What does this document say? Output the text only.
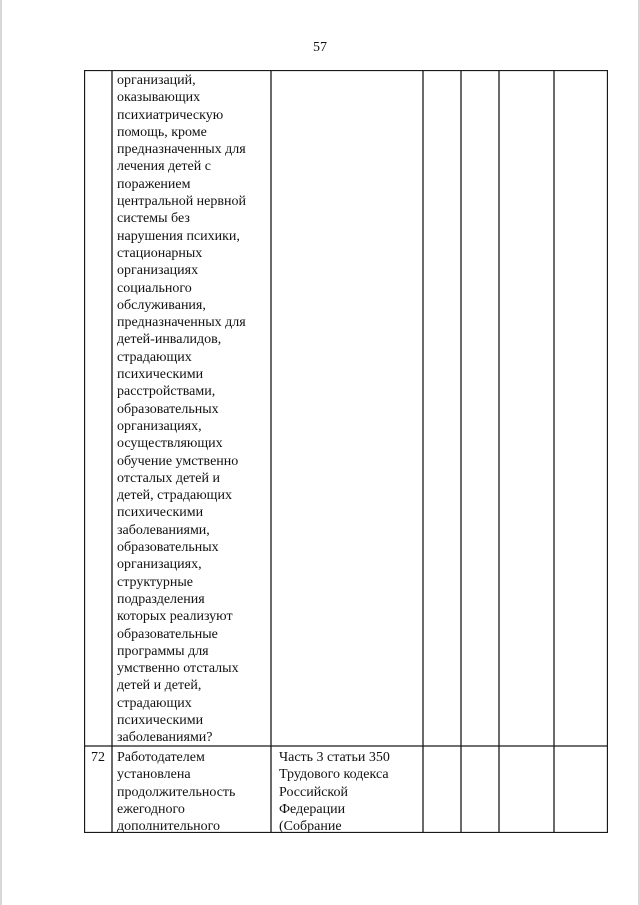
57
организаций,
оказывающих
психиатрическую
помощь, кроме
предназначенных для
лечения детей с
поражением
центральной нервной
системы без
нарушения психики,
стационарных
организациях
социального
обслуживания,
предназначенных для
детей-инвалидов,
страдающих
психическими
расстройствами,
образовательных
организациях,
осуществляющих
обучение умственно
отсталых детей и
детей, страдающих
психическими
заболеваниями,
образовательных
организациях,
структурные
подразделения
которых реализуют
образовательные
программы для
умственно отсталых
детей и детей,
страдающих
психическими
заболеваниями?
72 Работодателем
установлена
продолжительность
ежегодного
дополнительного
Часть 3 статьи 350
Трудового кодекса
Российской
Федерации
(Собрание
